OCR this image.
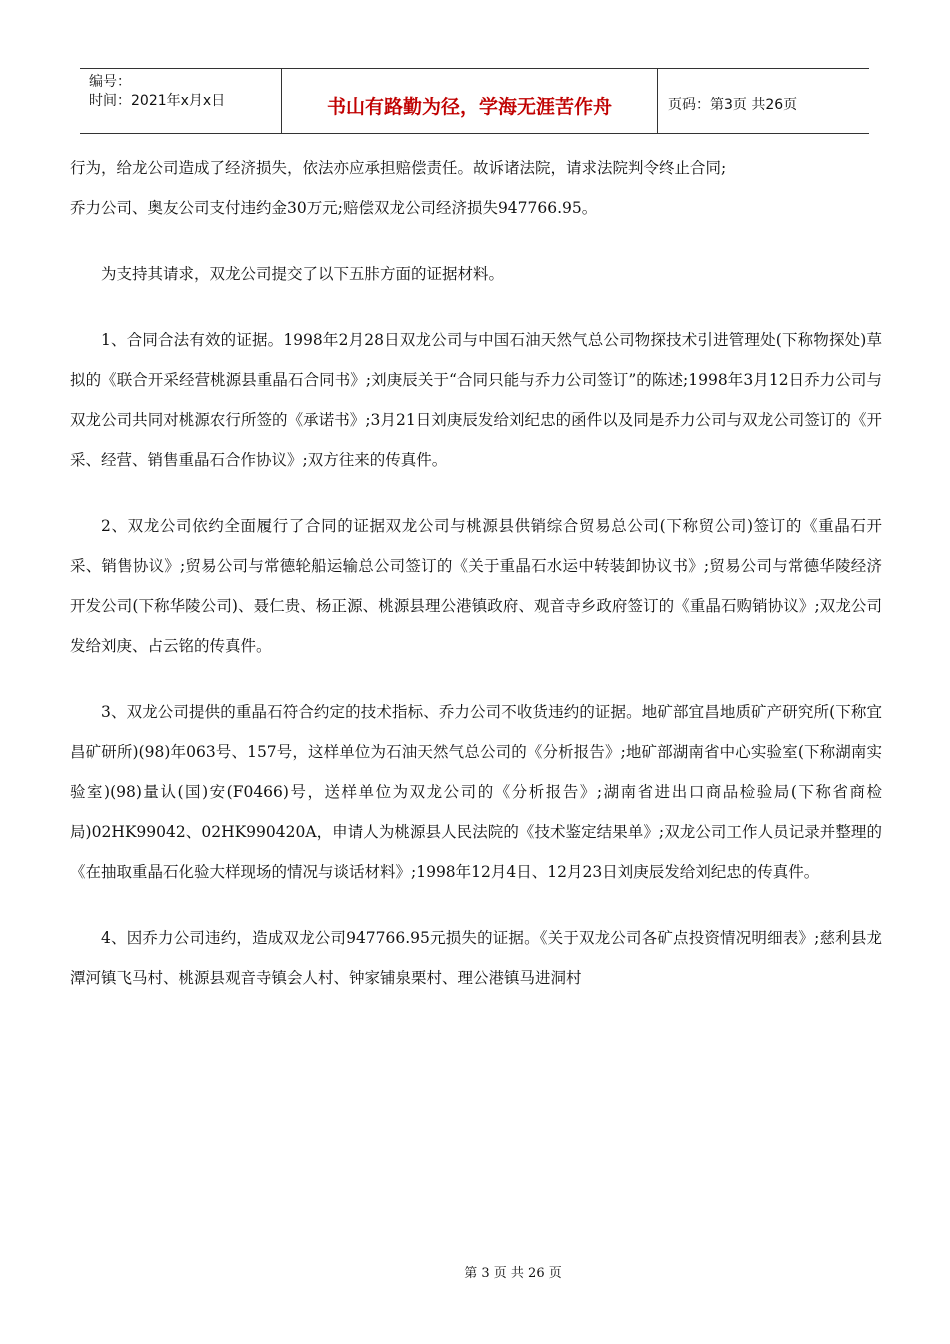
编号：
时间：2021年x月x日	书山有路勤为径，学海无涯苦作舟	页码：第3页 共26页

行为，给龙公司造成了经济损失，依法亦应承担赔偿责任。故诉诸法院，请求法院判令终止合同;

乔力公司、奥友公司支付违约金30万元;赔偿双龙公司经济损失947766.95。

为支持其请求，双龙公司提交了以下五胩方面的证据材料。

1、合同合法有效的证据。1998年2月28日双龙公司与中国石油天然气总公司物探技术引进管理处(下称物探处)草拟的《联合开采经营桃源县重晶石合同书》;刘庚辰关于“合同只能与乔力公司签订”的陈述;1998年3月12日乔力公司与双龙公司共同对桃源农行所签的《承诺书》;3月21日刘庚辰发给刘纪忠的函件以及同是乔力公司与双龙公司签订的《开采、经营、销售重晶石合作协议》;双方往来的传真件。

2、双龙公司依约全面履行了合同的证据双龙公司与桃源县供销综合贸易总公司(下称贸公司)签订的《重晶石开采、销售协议》;贸易公司与常德轮船运输总公司签订的《关于重晶石水运中转装卸协议书》;贸易公司与常德华陵经济开发公司(下称华陵公司)、聂仁贵、杨正源、桃源县理公港镇政府、观音寺乡政府签订的《重晶石购销协议》;双龙公司发给刘庚、占云铭的传真件。

3、双龙公司提供的重晶石符合约定的技术指标、乔力公司不收货违约的证据。地矿部宜昌地质矿产研究所(下称宜昌矿研所)(98)年063号、157号，这样单位为石油天然气总公司的《分析报告》;地矿部湖南省中心实验室(下称湖南实验室)(98)量认(国)安(F0466)号，送样单位为双龙公司的《分析报告》;湖南省进出口商品检验局(下称省商检局)02HK99042、02HK990420A，申请人为桃源县人民法院的《技术鉴定结果单》;双龙公司工作人员记录并整理的《在抽取重晶石化验大样现场的情况与谈话材料》;1998年12月4日、12月23日刘庚辰发给刘纪忠的传真件。

4、因乔力公司违约，造成双龙公司947766.95元损失的证据。《关于双龙公司各矿点投资情况明细表》;慈利县龙潭河镇飞马村、桃源县观音寺镇会人村、钟家铺泉栗村、理公港镇马进洞村

第 3 页 共 26 页
